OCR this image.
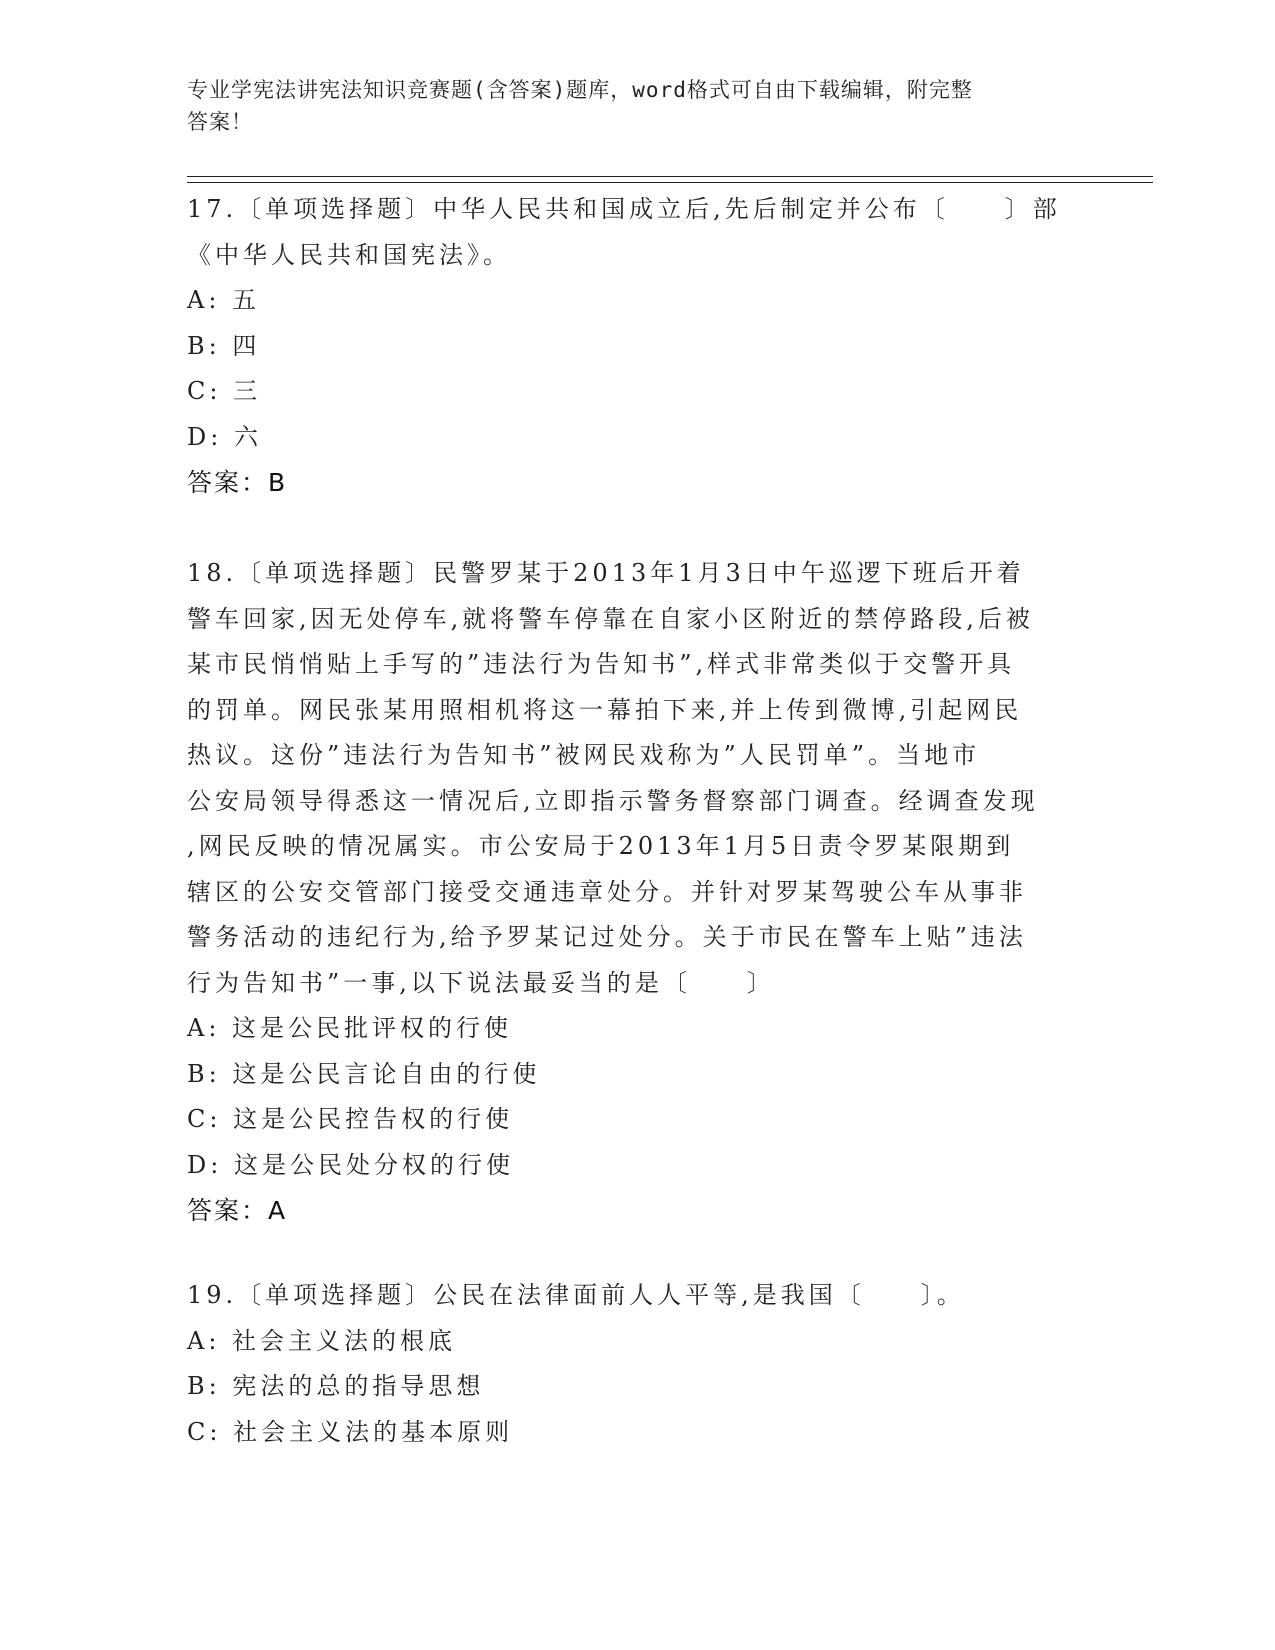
专业学宪法讲宪法知识竞赛题(含答案)题库，word格式可自由下载编辑，附完整
答案！

17.〔单项选择题〕中华人民共和国成立后,先后制定并公布〔　　〕部

《中华人民共和国宪法》。

A: 五

B: 四

C: 三

D: 六

答案：B

18.〔单项选择题〕民警罗某于2013年1月3日中午巡逻下班后开着

警车回家,因无处停车,就将警车停靠在自家小区附近的禁停路段,后被

某市民悄悄贴上手写的”违法行为告知书”,样式非常类似于交警开具

的罚单。网民张某用照相机将这一幕拍下来,并上传到微博,引起网民

热议。这份”违法行为告知书”被网民戏称为”人民罚单”。当地市

公安局领导得悉这一情况后,立即指示警务督察部门调查。经调查发现

,网民反映的情况属实。市公安局于2013年1月5日责令罗某限期到

辖区的公安交管部门接受交通违章处分。并针对罗某驾驶公车从事非

警务活动的违纪行为,给予罗某记过处分。关于市民在警车上贴”违法

行为告知书”一事,以下说法最妥当的是〔　　〕

A: 这是公民批评权的行使

B: 这是公民言论自由的行使

C: 这是公民控告权的行使

D: 这是公民处分权的行使

答案：A

19.〔单项选择题〕公民在法律面前人人平等,是我国〔　　〕。

A: 社会主义法的根底

B: 宪法的总的指导思想

C: 社会主义法的基本原则
